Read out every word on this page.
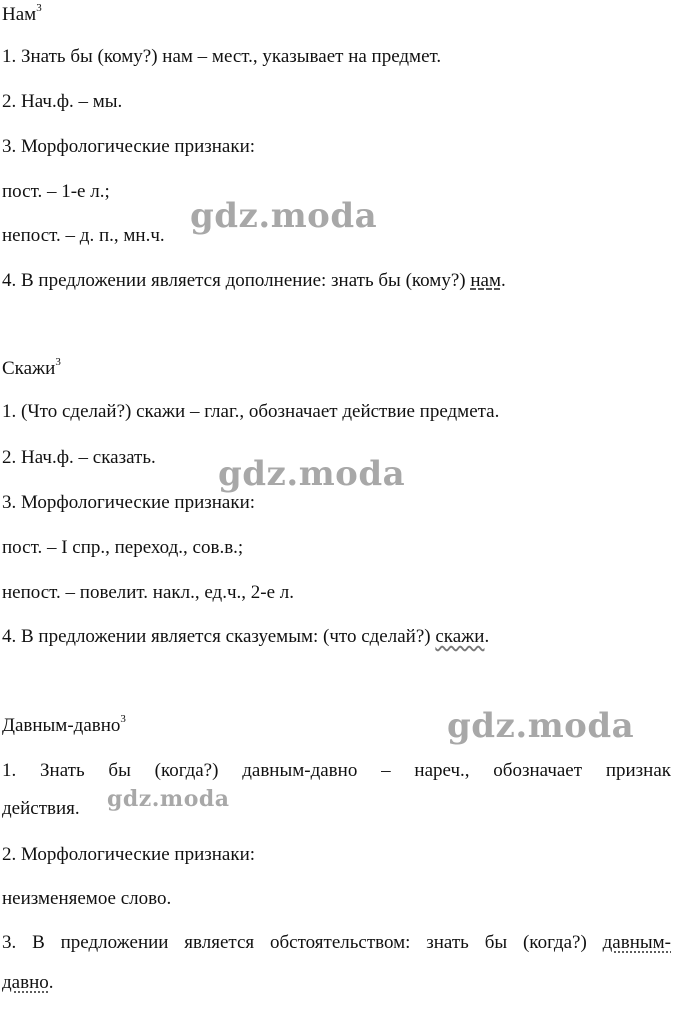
Нам$^3$
1. Знать бы (кому?) нам – мест., указывает на предмет.
2. Нач.ф. – мы.
3. Морфологические признаки:
пост. – 1-е л.;
непост. – д. п., мн.ч.
4. В предложении является дополнение: знать бы (кому?) нам.
Скажи$^3$
1. (Что сделай?) скажи – глаг., обозначает действие предмета.
2. Нач.ф. – сказать.
3. Морфологические признаки:
пост. – I спр., переход., сов.в.;
непост. – повелит. накл., ед.ч., 2-е л.
4. В предложении является сказуемым: (что сделай?) скажи.
Давным-давно$^3$
1. Знать бы (когда?) давным-давно – нареч., обозначает признак
действия.
2. Морфологические признаки:
неизменяемое слово.
3. В предложении является обстоятельством: знать бы (когда?) давным-
давно.
gdz.moda
gdz.moda
gdz.moda
gdz.moda
